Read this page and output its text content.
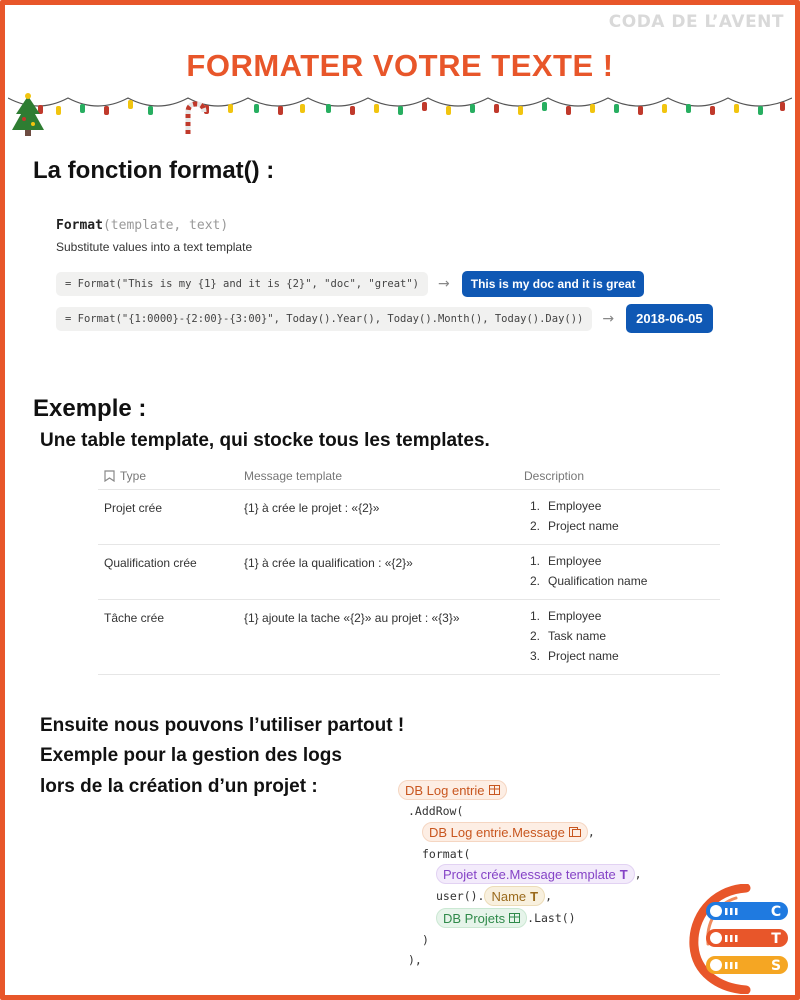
CODA DE L’AVENT
FORMATER VOTRE TEXTE !
La fonction format() :
Format(template, text)
Substitute values into a text template
= Format("This is my {1} and it is {2}", "doc", "great")	→	This is my doc and it is great
= Format("{1:0000}-{2:00}-{3:00}", Today().Year(), Today().Month(), Today().Day())	→	2018-06-05
Exemple :
Une table template, qui stocke tous les templates.
Type	Message template	Description
Projet crée	{1} à crée le projet : «{2}»	1. Employee
2. Project name
Qualification crée	{1} à crée la qualification : «{2}»	1. Employee
2. Qualification name
Tâche crée	{1} ajoute la tache «{2}» au projet : «{3}»	1. Employee
2. Task name
3. Project name
Ensuite nous pouvons l’utiliser partout !
Exemple pour la gestion des logs
lors de la création d’un projet :	DB Log entrie
.AddRow(
DB Log entrie.Message ,
format(
Projet crée.Message template T ,
user(). Name T ,
DB Projets .Last()
)
),
C
T
S
